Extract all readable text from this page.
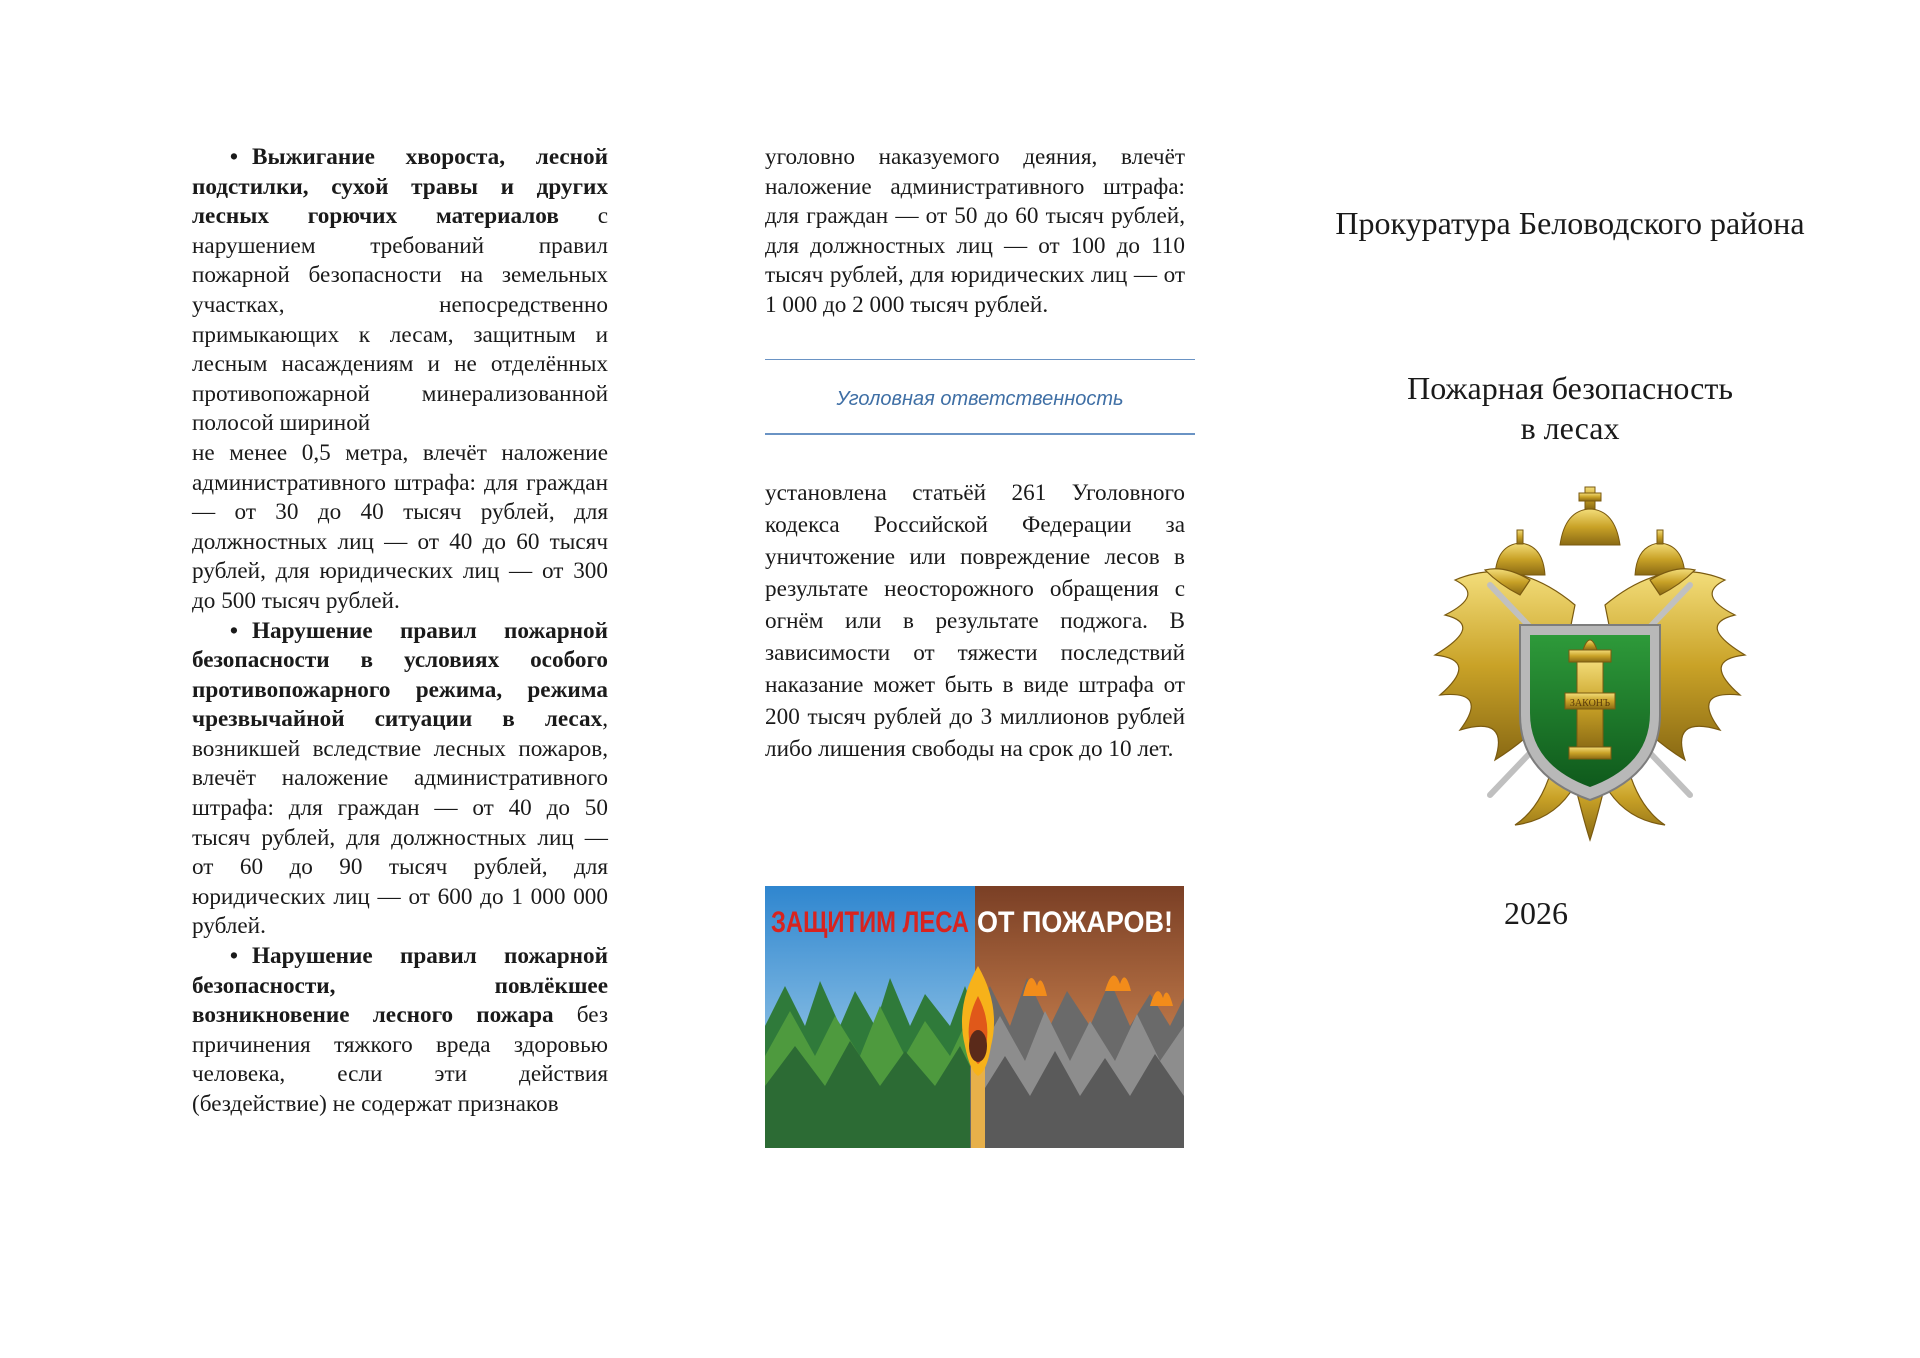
• Выжигание хвороста, лесной подстилки, сухой травы и других лесных горючих материалов с нарушением требований правил пожарной безопасности на земельных участках, непосредственно примыкающих к лесам, защитным и лесным насаждениям и не отделённых противопожарной минерализованной полосой шириной

не менее 0,5 метра, влечёт наложение административного штрафа: для граждан — от 30 до 40 тысяч рублей, для должностных лиц — от 40 до 60 тысяч рублей, для юридических лиц — от 300 до 500 тысяч рублей.

• Нарушение правил пожарной безопасности в условиях особого противопожарного режима, режима чрезвычайной ситуации в лесах, возникшей вследствие лесных пожаров, влечёт наложение административного штрафа: для граждан — от 40 до 50 тысяч рублей, для должностных лиц — от 60 до 90 тысяч рублей, для юридических лиц — от 600 до 1 000 000 рублей.

• Нарушение правил пожарной безопасности, повлёкшее возникновение лесного пожара без причинения тяжкого вреда здоровью человека, если эти действия (бездействие) не содержат признаков

уголовно наказуемого деяния, влечёт наложение административного штрафа: для граждан — от 50 до 60 тысяч рублей, для должностных лиц — от 100 до 110 тысяч рублей, для юридических лиц — от 1 000 до 2 000 тысяч рублей.

Уголовная ответственность

установлена статьёй 261 Уголовного кодекса Российской Федерации за уничтожение или повреждение лесов в результате неосторожного обращения с огнём или в результате поджога. В зависимости от тяжести последствий наказание может быть в виде штрафа от 200 тысяч рублей до 3 миллионов рублей либо лишения свободы на срок до 10 лет.

ЗАЩИТИМ ЛЕСА ОТ ПОЖАРОВ!
Прокуратура Беловодского района
Пожарная безопасность
в лесах
ЗАКОНЪ
2026
